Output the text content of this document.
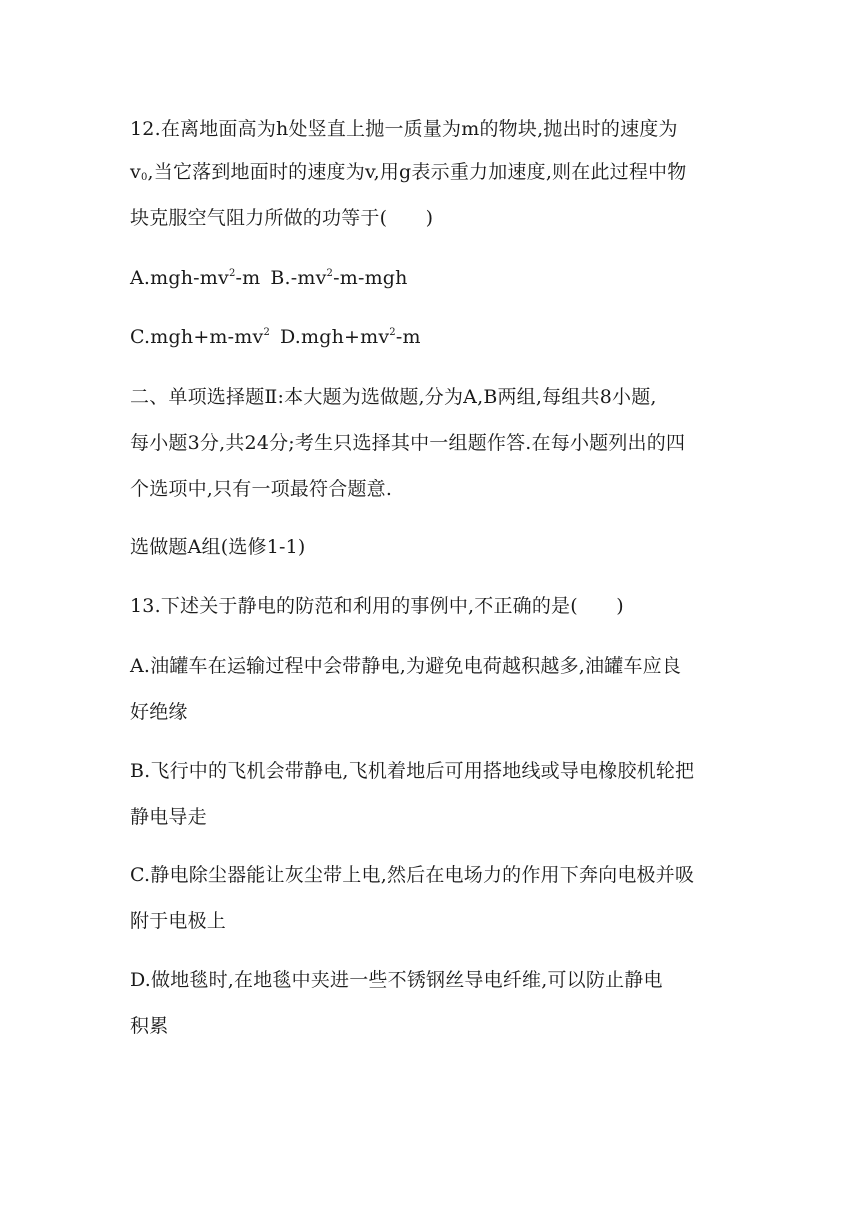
12.在离地面高为h处竖直上抛一质量为m的物块,抛出时的速度为
$v_0$,当它落到地面时的速度为v,用g表示重力加速度,则在此过程中物
块克服空气阻力所做的功等于(　　)
$A.mgh-mv^2-m$ $B.-mv^2-m$-mgh
$C.mgh+m-mv^2$ $D.mgh+mv^2-m$
二、单项选择题Ⅱ:本大题为选做题,分为A,B两组,每组共8小题,
每小题3分,共24分;考生只选择其中一组题作答.在每小题列出的四
个选项中,只有一项最符合题意.
选做题A组(选修1-1)
13.下述关于静电的防范和利用的事例中,不正确的是(　　)
A.油罐车在运输过程中会带静电,为避免电荷越积越多,油罐车应良
好绝缘
B.飞行中的飞机会带静电,飞机着地后可用搭地线或导电橡胶机轮把
静电导走
C.静电除尘器能让灰尘带上电,然后在电场力的作用下奔向电极并吸
附于电极上
D.做地毯时,在地毯中夹进一些不锈钢丝导电纤维,可以防止静电
积累
